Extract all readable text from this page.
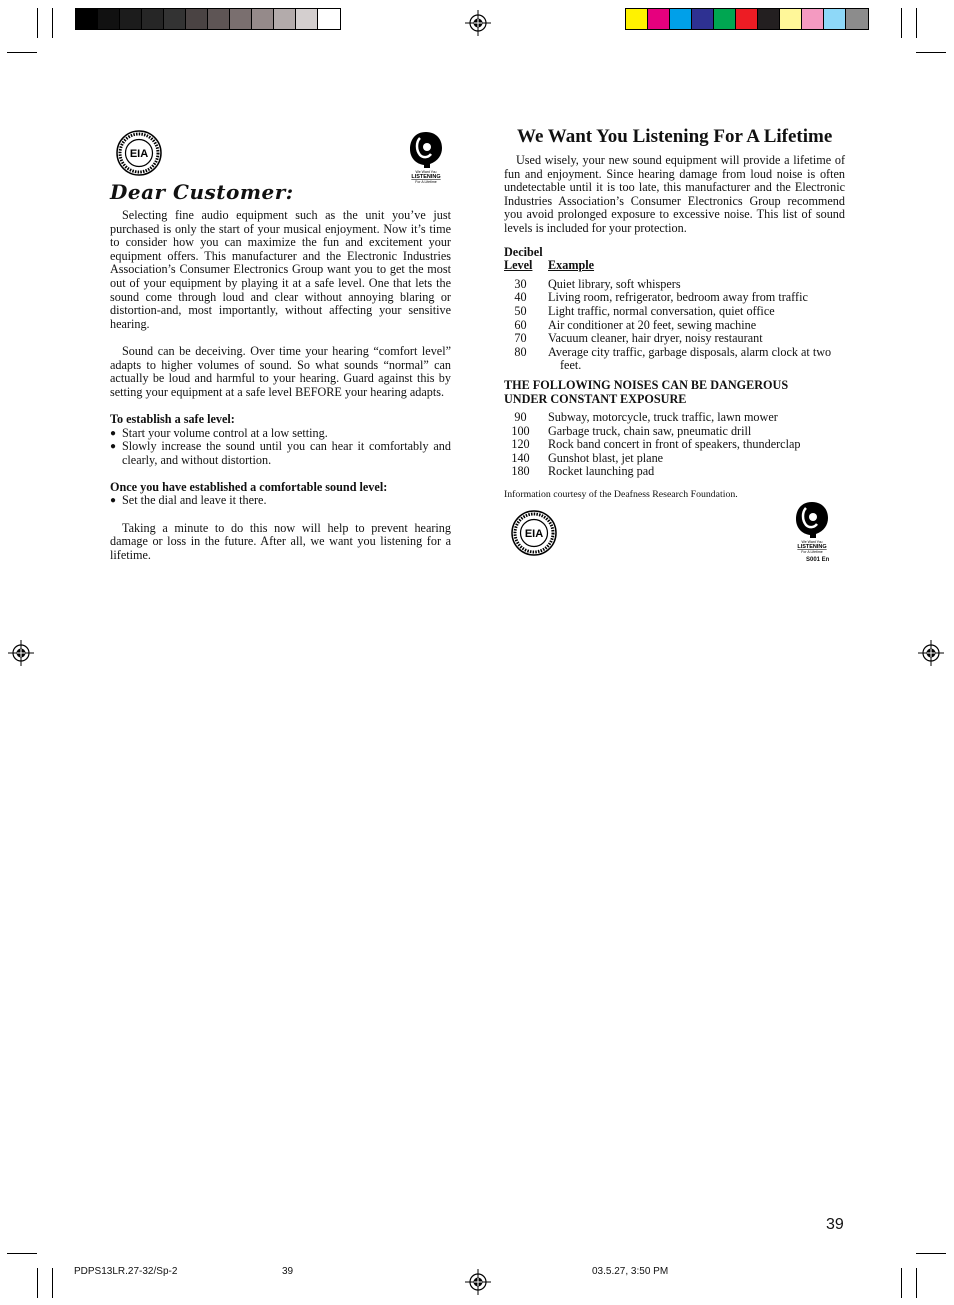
EIA
We Want You
LISTENING
For A Lifetime
Dear Customer:

Selecting fine audio equipment such as the unit you’ve just purchased is only the start of your musical enjoyment. Now it’s time to consider how you can maximize the fun and excitement your equipment offers. This manufacturer and the Electronic Industries Association’s Consumer Electronics Group want you to get the most out of your equipment by playing it at a safe level. One that lets the sound come through loud and clear without annoying blaring or distortion-and, most importantly, without affecting your sensitive hearing.

Sound can be deceiving. Over time your hearing “comfort level” adapts to higher volumes of sound. So what sounds “normal” can actually be loud and harmful to your hearing. Guard against this by setting your equipment at a safe level BEFORE your hearing adapts.

To establish a safe level:

● Start your volume control at a low setting.
● Slowly increase the sound until you can hear it comfortably and clearly, and without distortion.

Once you have established a comfortable sound level:

● Set the dial and leave it there.

Taking a minute to do this now will help to prevent hearing damage or loss in the future. After all, we want you listening for a lifetime.

We Want You Listening For A Lifetime

Used wisely, your new sound equipment will provide a lifetime of fun and enjoyment. Since hearing damage from loud noise is often undetectable until it is too late, this manufacturer and the Electronic Industries Association’s Consumer Electronics Group recommend you avoid prolonged exposure to excessive noise. This list of sound levels is included for your protection.

Decibel

Level	Example
30	Quiet library, soft whispers
40	Living room, refrigerator, bedroom away from traffic
50	Light traffic, normal conversation, quiet office
60	Air conditioner at 20 feet, sewing machine
70	Vacuum cleaner, hair dryer, noisy restaurant
80	Average city traffic, garbage disposals, alarm clock at two feet.

THE FOLLOWING NOISES CAN BE DANGEROUS
UNDER CONSTANT EXPOSURE

90	Subway, motorcycle, truck traffic, lawn mower
100	Garbage truck, chain saw, pneumatic drill
120	Rock band concert in front of speakers, thunderclap
140	Gunshot blast, jet plane
180	Rocket launching pad

Information courtesy of the Deafness Research Foundation.

EIA
We Want You
LISTENING
For A Lifetime
S001 En
39
PDPS13LR.27-32/Sp-2	39	03.5.27, 3:50 PM
